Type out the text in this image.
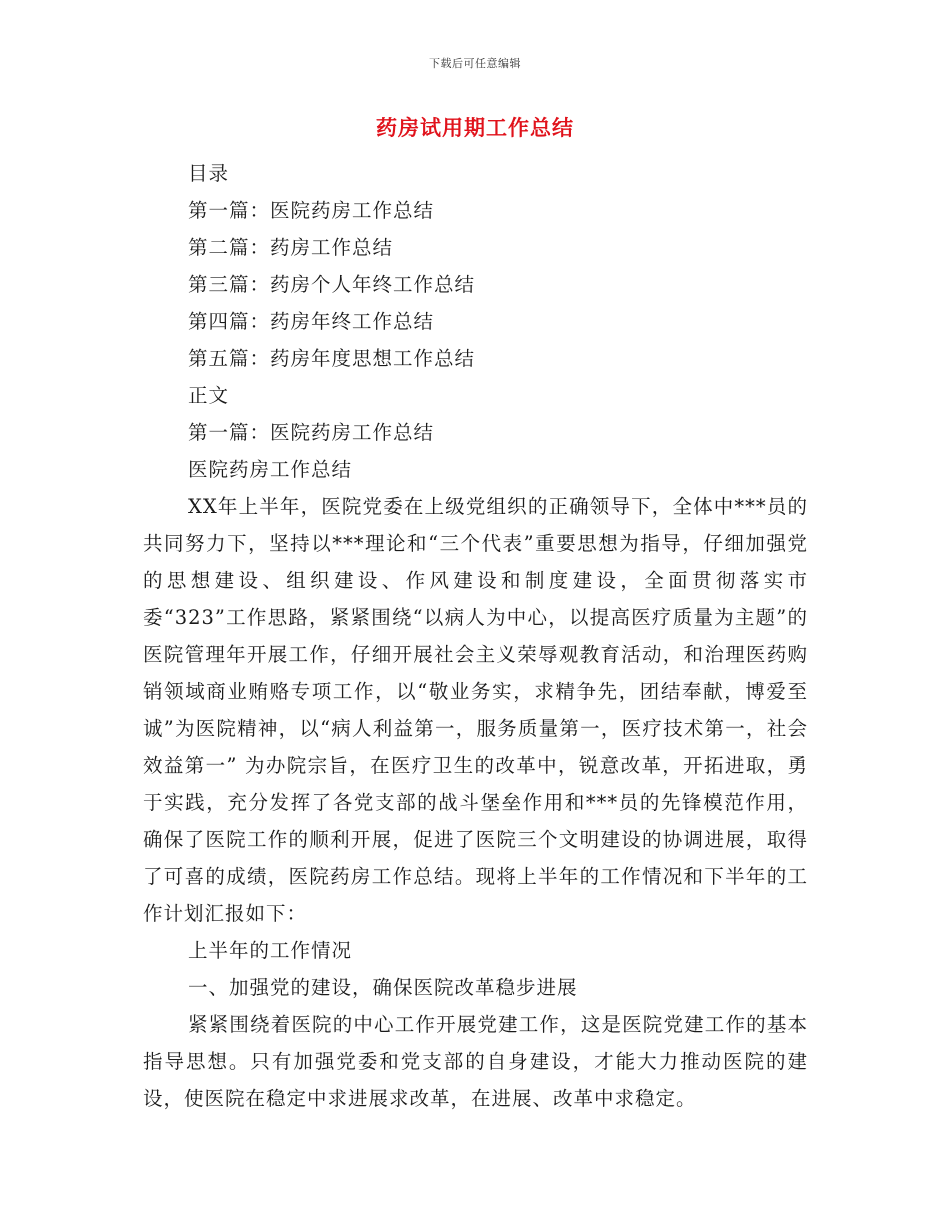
下载后可任意编辑
药房试用期工作总结
目录
第一篇：医院药房工作总结
第二篇：药房工作总结
第三篇：药房个人年终工作总结
第四篇：药房年终工作总结
第五篇：药房年度思想工作总结
正文
第一篇：医院药房工作总结
医院药房工作总结

XX年上半年，医院党委在上级党组织的正确领导下，全体中***员的共同努力下，坚持以***理论和“三个代表”重要思想为指导，仔细加强党的思想建设、组织建设、作风建设和制度建设，全面贯彻落实市委“323”工作思路，紧紧围绕“以病人为中心，以提高医疗质量为主题”的医院管理年开展工作，仔细开展社会主义荣辱观教育活动，和治理医药购销领域商业贿赂专项工作，以“敬业务实，求精争先，团结奉献，博爱至诚”为医院精神，以“病人利益第一，服务质量第一，医疗技术第一，社会效益第一” 为办院宗旨，在医疗卫生的改革中，锐意改革，开拓进取，勇于实践，充分发挥了各党支部的战斗堡垒作用和***员的先锋模范作用，确保了医院工作的顺利开展，促进了医院三个文明建设的协调进展，取得了可喜的成绩，医院药房工作总结。现将上半年的工作情况和下半年的工作计划汇报如下：

上半年的工作情况
一、加强党的建设，确保医院改革稳步进展

紧紧围绕着医院的中心工作开展党建工作，这是医院党建工作的基本指导思想。只有加强党委和党支部的自身建设，才能大力推动医院的建设，使医院在稳定中求进展求改革，在进展、改革中求稳定。
